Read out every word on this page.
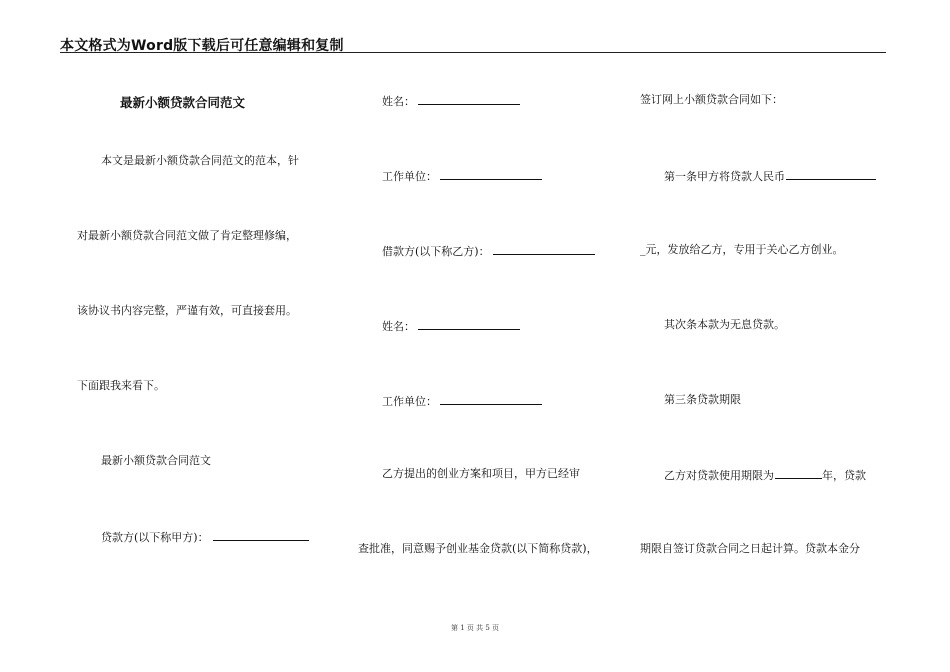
本文格式为Word版下载后可任意编辑和复制
最新小额贷款合同范文
本文是最新小额贷款合同范文的范本，针
对最新小额贷款合同范文做了肯定整理修编，
该协议书内容完整，严谨有效，可直接套用。
下面跟我来看下。
最新小额贷款合同范文
贷款方(以下称甲方)：
姓名：
工作单位：
借款方(以下称乙方)：
姓名：
工作单位：
乙方提出的创业方案和项目，甲方已经审
查批准，同意赐予创业基金贷款(以下简称贷款)，
签订网上小额贷款合同如下：
第一条甲方将贷款人民币
_元，发放给乙方，专用于关心乙方创业。
其次条本款为无息贷款。
第三条贷款期限
乙方对贷款使用期限为	年，贷款
期限自签订贷款合同之日起计算。贷款本金分
第 1 页 共 5 页
